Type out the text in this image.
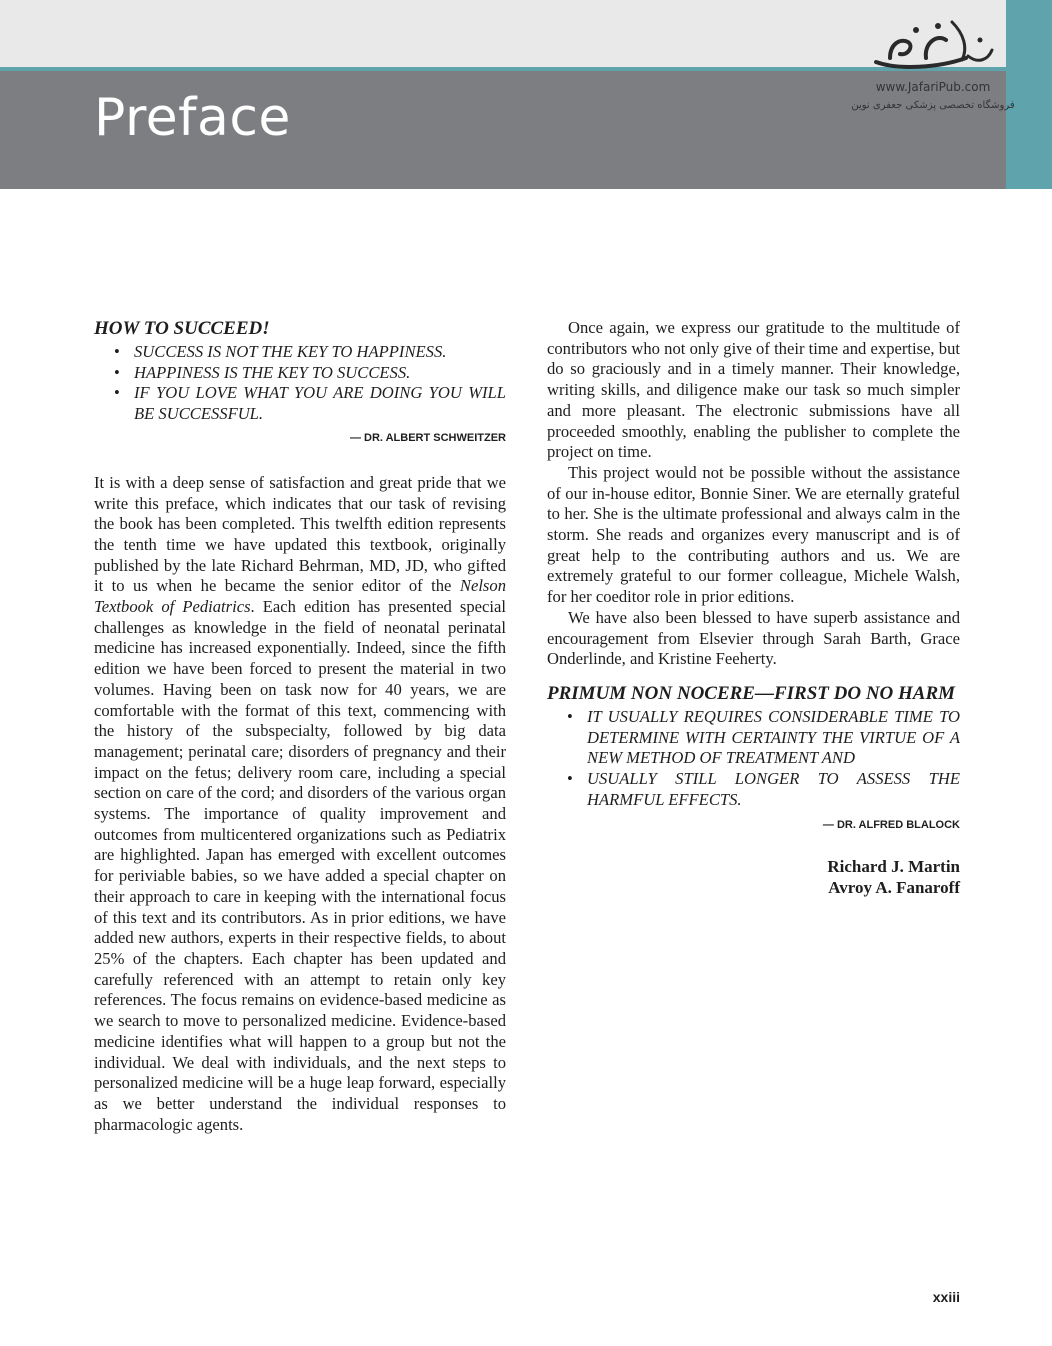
Preface
www.JafariPub.com
فروشگاه تخصصی پزشکی جعفری نوین
HOW TO SUCCEED!
• SUCCESS IS NOT THE KEY TO HAPPINESS.
• HAPPINESS IS THE KEY TO SUCCESS.
• IF YOU LOVE WHAT YOU ARE DOING YOU WILL BE SUCCESSFUL.
— DR. ALBERT SCHWEITZER

It is with a deep sense of satisfaction and great pride that we write this preface, which indicates that our task of revising the book has been completed. This twelfth edition represents the tenth time we have updated this textbook, originally published by the late Richard Behrman, MD, JD, who gifted it to us when he became the senior editor of the Nelson Textbook of Pediatrics. Each edition has presented special challenges as knowledge in the field of neonatal perinatal medicine has increased exponentially. Indeed, since the fifth edition we have been forced to present the material in two volumes. Having been on task now for 40 years, we are comfortable with the format of this text, commencing with the history of the subspecialty, followed by big data management; perinatal care; disorders of pregnancy and their impact on the fetus; delivery room care, including a special section on care of the cord; and disorders of the various organ systems. The importance of quality improvement and outcomes from multicentered organizations such as Pediatrix are highlighted. Japan has emerged with excellent outcomes for periviable babies, so we have added a special chapter on their approach to care in keeping with the international focus of this text and its contributors. As in prior editions, we have added new authors, experts in their respective fields, to about 25% of the chapters. Each chapter has been updated and carefully referenced with an attempt to retain only key references. The focus remains on evidence-based medicine as we search to move to personalized medicine. Evidence-based medicine identifies what will happen to a group but not the individual. We deal with individuals, and the next steps to personalized medicine will be a huge leap forward, especially as we better understand the individual responses to pharmacologic agents.

Once again, we express our gratitude to the multitude of contributors who not only give of their time and expertise, but do so graciously and in a timely manner. Their knowledge, writing skills, and diligence make our task so much simpler and more pleasant. The electronic submissions have all proceeded smoothly, enabling the publisher to complete the project on time.

This project would not be possible without the assistance of our in-house editor, Bonnie Siner. We are eternally grateful to her. She is the ultimate professional and always calm in the storm. She reads and organizes every manuscript and is of great help to the contributing authors and us. We are extremely grateful to our former colleague, Michele Walsh, for her coeditor role in prior editions.

We have also been blessed to have superb assistance and encouragement from Elsevier through Sarah Barth, Grace Onderlinde, and Kristine Feeherty.

PRIMUM NON NOCERE—FIRST DO NO HARM
• IT USUALLY REQUIRES CONSIDERABLE TIME TO DETERMINE WITH CERTAINTY THE VIRTUE OF A NEW METHOD OF TREATMENT AND
• USUALLY STILL LONGER TO ASSESS THE HARMFUL EFFECTS.
— DR. ALFRED BLALOCK
Richard J. Martin
Avroy A. Fanaroff
xxiii
